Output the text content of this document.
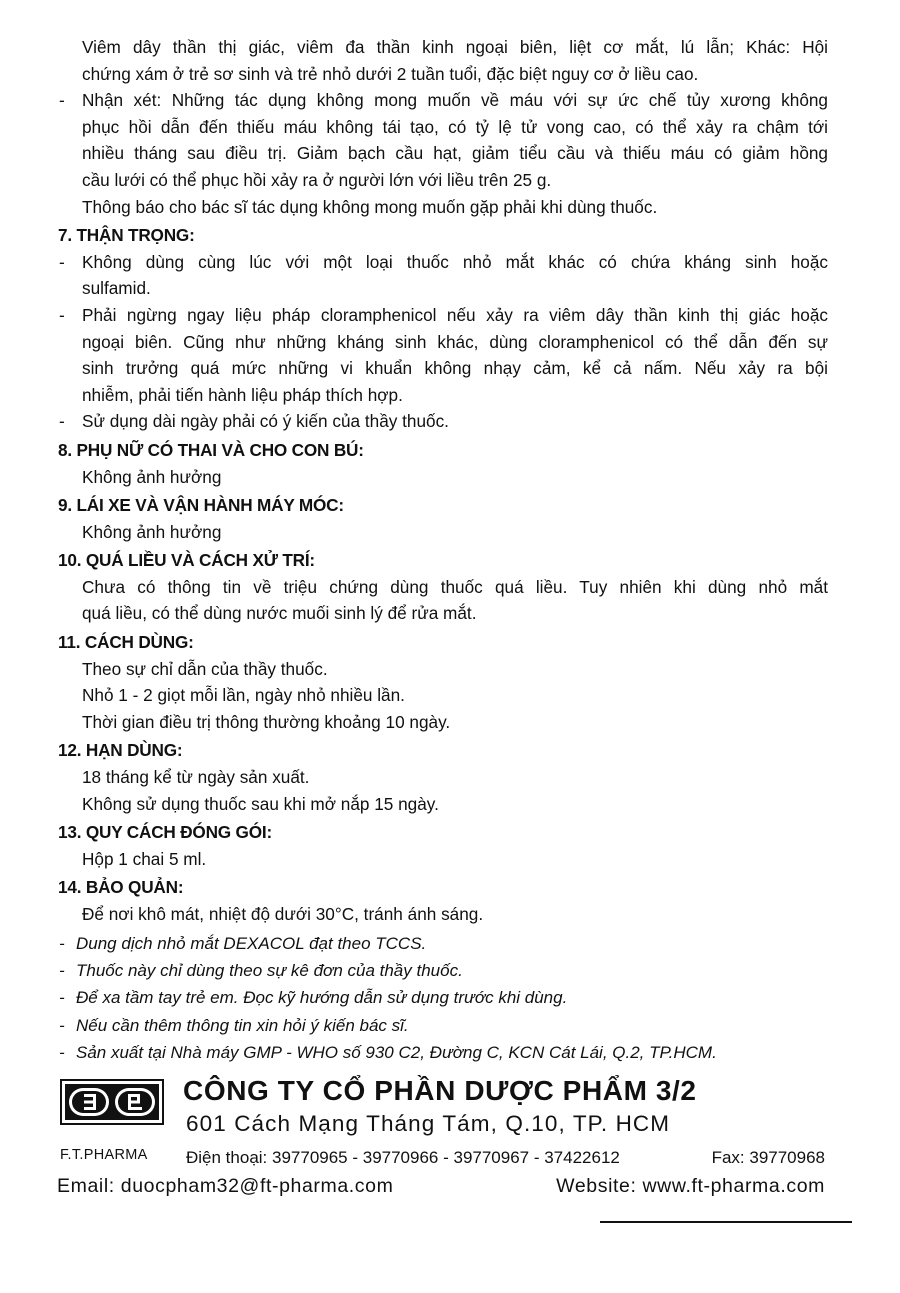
Viêm dây thần thị giác, viêm đa thần kinh ngoại biên, liệt cơ mắt, lú lẫn; Khác: Hội
chứng xám ở trẻ sơ sinh và trẻ nhỏ dưới 2 tuần tuổi, đặc biệt nguy cơ ở liều cao.
- Nhận xét: Những tác dụng không mong muốn về máu với sự ức chế tủy xương không
phục hồi dẫn đến thiếu máu không tái tạo, có tỷ lệ tử vong cao, có thể xảy ra chậm tới
nhiều tháng sau điều trị. Giảm bạch cầu hạt, giảm tiểu cầu và thiếu máu có giảm hồng
cầu lưới có thể phục hồi xảy ra ở người lớn với liều trên 25 g.
Thông báo cho bác sĩ tác dụng không mong muốn gặp phải khi dùng thuốc.
7. THẬN TRỌNG:
- Không dùng cùng lúc với một loại thuốc nhỏ mắt khác có chứa kháng sinh hoặc
sulfamid.
- Phải ngừng ngay liệu pháp cloramphenicol nếu xảy ra viêm dây thần kinh thị giác hoặc
ngoại biên. Cũng như những kháng sinh khác, dùng cloramphenicol có thể dẫn đến sự
sinh trưởng quá mức những vi khuẩn không nhạy cảm, kể cả nấm. Nếu xảy ra bội
nhiễm, phải tiến hành liệu pháp thích hợp.
- Sử dụng dài ngày phải có ý kiến của thầy thuốc.
8. PHỤ NỮ CÓ THAI VÀ CHO CON BÚ:
Không ảnh hưởng
9. LÁI XE VÀ VẬN HÀNH MÁY MÓC:
Không ảnh hưởng
10. QUÁ LIỀU VÀ CÁCH XỬ TRÍ:
Chưa có thông tin về triệu chứng dùng thuốc quá liều. Tuy nhiên khi dùng nhỏ mắt
quá liều, có thể dùng nước muối sinh lý để rửa mắt.
11. CÁCH DÙNG:
Theo sự chỉ dẫn của thầy thuốc.
Nhỏ 1 - 2 giọt mỗi lần, ngày nhỏ nhiều lần.
Thời gian điều trị thông thường khoảng 10 ngày.
12. HẠN DÙNG:
18 tháng kể từ ngày sản xuất.
Không sử dụng thuốc sau khi mở nắp 15 ngày.
13. QUY CÁCH ĐÓNG GÓI:
Hộp 1 chai 5 ml.
14. BẢO QUẢN:
Để nơi khô mát, nhiệt độ dưới 30°C, tránh ánh sáng.
- Dung dịch nhỏ mắt DEXACOL đạt theo TCCS.
- Thuốc này chỉ dùng theo sự kê đơn của thầy thuốc.
- Để xa tầm tay trẻ em. Đọc kỹ hướng dẫn sử dụng trước khi dùng.
- Nếu cần thêm thông tin xin hỏi ý kiến bác sĩ.
- Sản xuất tại Nhà máy GMP - WHO số 930 C2, Đường C, KCN Cát Lái, Q.2, TP.HCM.
CÔNG TY CỔ PHẦN DƯỢC PHẨM 3/2
601 Cách Mạng Tháng Tám, Q.10, TP. HCM
F.T.PHARMA Điện thoại: 39770965 - 39770966 - 39770967 - 37422612	Fax: 39770968
Email: duocpham32@ft-pharma.com	Website: www.ft-pharma.com
